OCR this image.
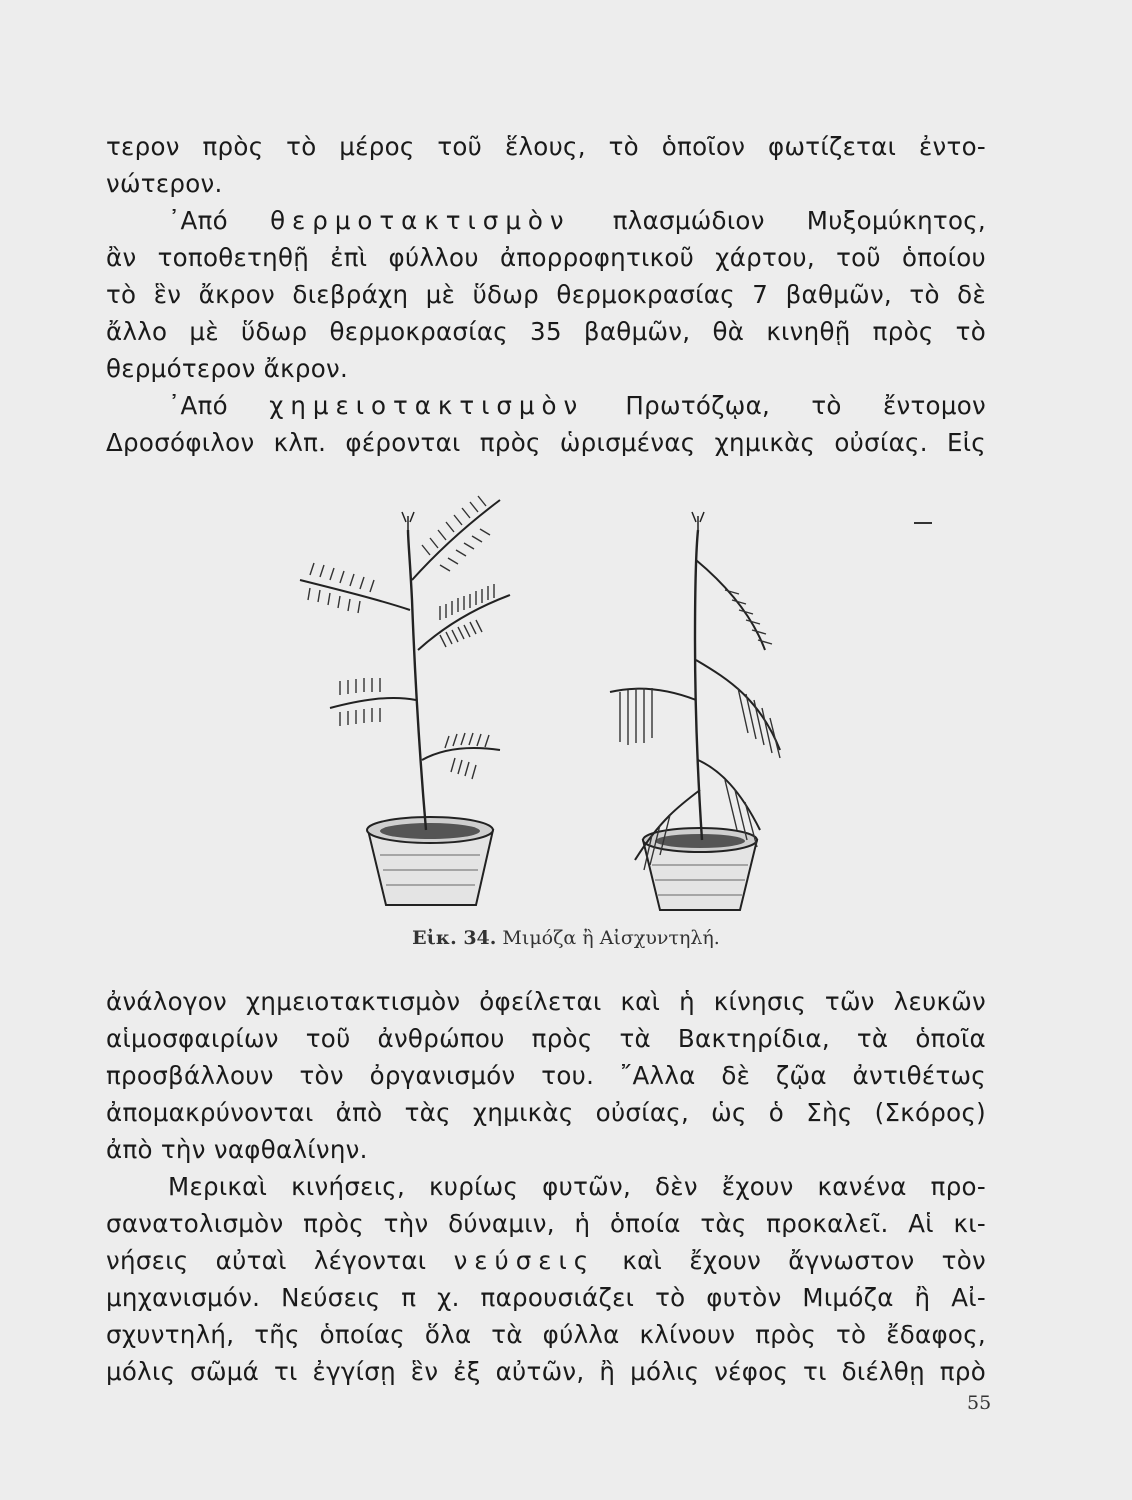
τερον πρὸς τὸ μέρος τοῦ ἕλους, τὸ ὁποῖον φωτίζεται ἐντο-
νώτερον.
᾿Από θερμοτακτισμὸν πλασμώδιον Μυξομύκητος,
ἂν τοποθετηθῇ ἐπὶ φύλλου ἀπορροφητικοῦ χάρτου, τοῦ ὁποίου
τὸ ἓν ἄκρον διεβράχη μὲ ὕδωρ θερμοκρασίας 7 βαθμῶν, τὸ δὲ
ἄλλο μὲ ὕδωρ θερμοκρασίας 35 βαθμῶν, θὰ κινηθῇ πρὸς τὸ
θερμότερον ἄκρον.
᾿Από χημειοτακτισμὸν Πρωτόζῳα, τὸ ἔντομον
Δροσόφιλον κλπ. φέρονται πρὸς ὡρισμένας χημικὰς οὐσίας. Εἰς
Εἰκ. 34. Μιμόζα ἢ Αἰσχυντηλή.
ἀνάλογον χημειοτακτισμὸν ὀφείλεται καὶ ἡ κίνησις τῶν λευκῶν
αἱμοσφαιρίων τοῦ ἀνθρώπου πρὸς τὰ Βακτηρίδια, τὰ ὁποῖα
προσβάλλουν τὸν ὀργανισμόν του. ῎Αλλα δὲ ζῷα ἀντιθέτως
ἀπομακρύνονται ἀπὸ τὰς χημικὰς οὐσίας, ὡς ὁ Σὴς (Σκόρος)
ἀπὸ τὴν ναφθαλίνην.
Μερικαὶ κινήσεις, κυρίως φυτῶν, δὲν ἔχουν κανένα προ-
σανατολισμὸν πρὸς τὴν δύναμιν, ἡ ὁποία τὰς προκαλεῖ. Αἱ κι-
νήσεις αὐταὶ λέγονται νεύσεις καὶ ἔχουν ἄγνωστον τὸν
μηχανισμόν. Νεύσεις π χ. παρουσιάζει τὸ φυτὸν Μιμόζα ἢ Αἰ-
σχυντηλή, τῆς ὁποίας ὅλα τὰ φύλλα κλίνουν πρὸς τὸ ἔδαφος,
μόλις σῶμά τι ἐγγίσῃ ἓν ἐξ αὐτῶν, ἢ μόλις νέφος τι διέλθῃ πρὸ
55
